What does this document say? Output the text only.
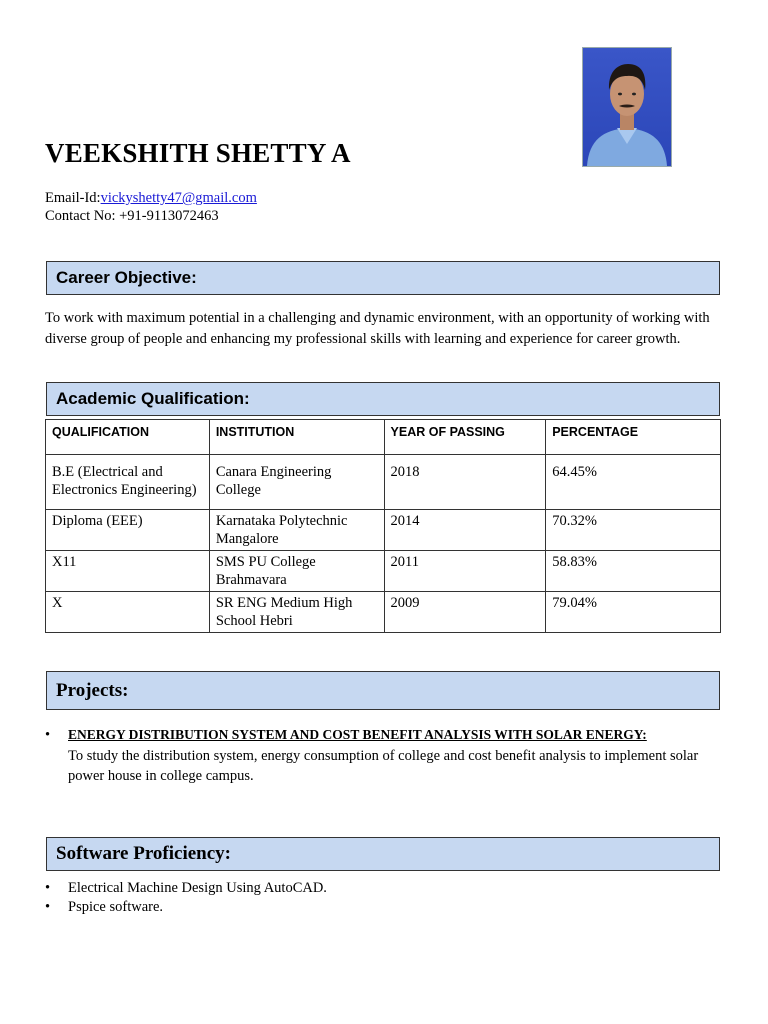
VEEKSHITH SHETTY A
Email-Id:vickyshetty47@gmail.com
Contact No: +91-9113072463
Career Objective:

To work with maximum potential in a challenging and dynamic environment, with an opportunity of working with diverse group of people and enhancing my professional skills with learning and experience for career growth.

Academic Qualification:
QUALIFICATION	INSTITUTION	YEAR OF PASSING	PERCENTAGE
B.E (Electrical and Electronics Engineering)	Canara Engineering College	2018	64.45%
Diploma (EEE)	Karnataka Polytechnic Mangalore	2014	70.32%
X11	SMS PU College Brahmavara	2011	58.83%
X	SR ENG Medium High School Hebri	2009	79.04%
Projects:
• ENERGY DISTRIBUTION SYSTEM AND COST BENEFIT ANALYSIS WITH SOLAR ENERGY:
To study the distribution system, energy consumption of college and cost benefit analysis to implement solar power house in college campus.
Software Proficiency:
• Electrical Machine Design Using AutoCAD.
• Pspice software.
